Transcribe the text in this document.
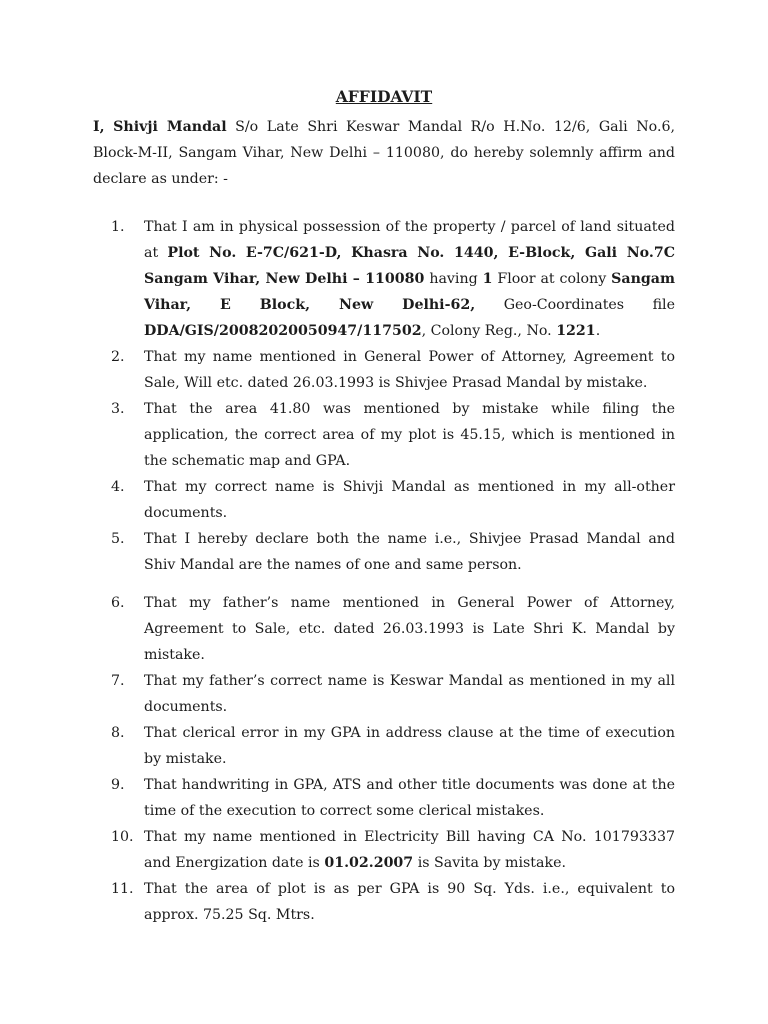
AFFIDAVIT

I, Shivji Mandal S/o Late Shri Keswar Mandal R/o H.No. 12/6, Gali No.6, Block-M-II, Sangam Vihar, New Delhi – 110080, do hereby solemnly affirm and declare as under: -

1.	That I am in physical possession of the property / parcel of land situated at Plot No. E-7C/621-D, Khasra No. 1440, E-Block, Gali No.7C Sangam Vihar, New Delhi – 110080 having 1 Floor at colony Sangam Vihar, E Block, New Delhi-62, Geo-Coordinates file DDA/GIS/20082020050947/117502, Colony Reg., No. 1221.
2.	That my name mentioned in General Power of Attorney, Agreement to Sale, Will etc. dated 26.03.1993 is Shivjee Prasad Mandal by mistake.
3.	That the area 41.80 was mentioned by mistake while filing the application, the correct area of my plot is 45.15, which is mentioned in the schematic map and GPA.
4.	That my correct name is Shivji Mandal as mentioned in my all-other documents.
5.	That I hereby declare both the name i.e., Shivjee Prasad Mandal and Shiv Mandal are the names of one and same person.
6.	That my father’s name mentioned in General Power of Attorney, Agreement to Sale, etc. dated 26.03.1993 is Late Shri K. Mandal by mistake.
7.	That my father’s correct name is Keswar Mandal as mentioned in my all documents.
8.	That clerical error in my GPA in address clause at the time of execution by mistake.
9.	That handwriting in GPA, ATS and other title documents was done at the time of the execution to correct some clerical mistakes.
10. That my name mentioned in Electricity Bill having CA No. 101793337 and Energization date is 01.02.2007 is Savita by mistake.
11. That the area of plot is as per GPA is 90 Sq. Yds. i.e., equivalent to approx. 75.25 Sq. Mtrs.
